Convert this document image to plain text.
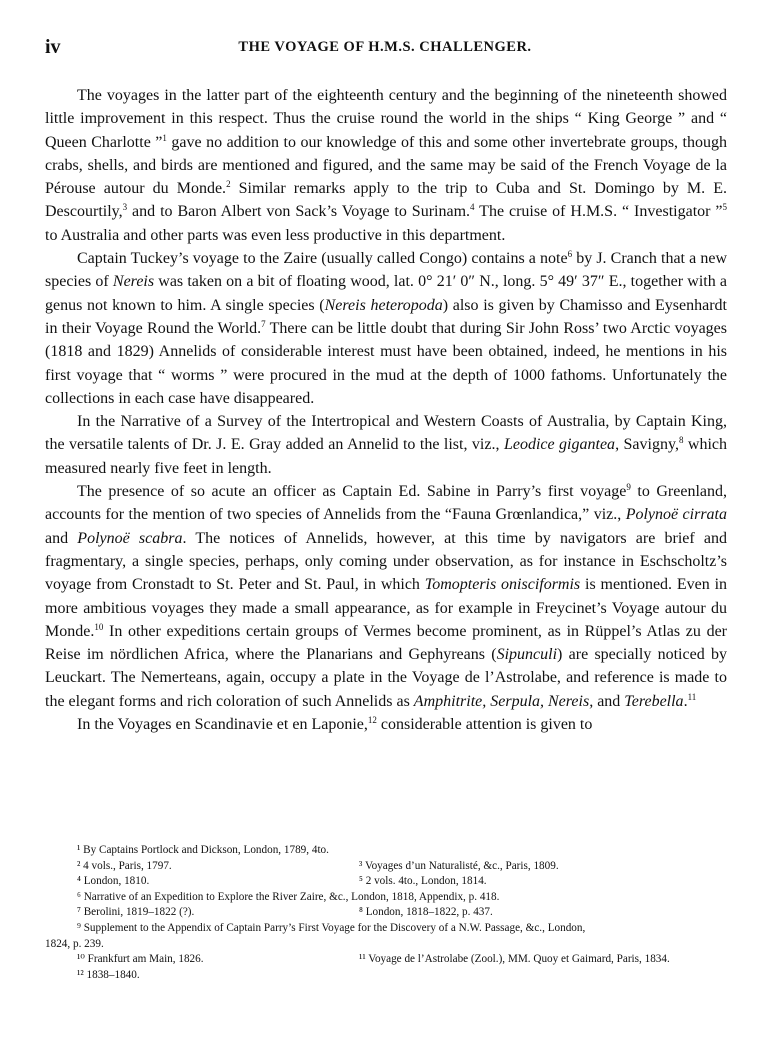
iv	THE VOYAGE OF H.M.S. CHALLENGER.

The voyages in the latter part of the eighteenth century and the beginning of the nineteenth showed little improvement in this respect. Thus the cruise round the world in the ships “ King George ” and “ Queen Charlotte ”$^1$ gave no addition to our knowledge of this and some other invertebrate groups, though crabs, shells, and birds are mentioned and figured, and the same may be said of the French Voyage de la Pérouse autour du Monde.$^2$ Similar remarks apply to the trip to Cuba and St. Domingo by M. E. Descourtily,$^3$ and to Baron Albert von Sack’s Voyage to Surinam.$^4$ The cruise of H.M.S. “ Investigator ”$^5$ to Australia and other parts was even less productive in this department.

Captain Tuckey’s voyage to the Zaire (usually called Congo) contains a note$^6$ by J. Cranch that a new species of Nereis was taken on a bit of floating wood, lat. 0° 21′ 0″ N., long. 5° 49′ 37″ E., together with a genus not known to him. A single species (Nereis heteropoda) also is given by Chamisso and Eysenhardt in their Voyage Round the World.$^7$ There can be little doubt that during Sir John Ross’ two Arctic voyages (1818 and 1829) Annelids of considerable interest must have been obtained, indeed, he mentions in his first voyage that “ worms ” were procured in the mud at the depth of 1000 fathoms. Unfortunately the collections in each case have disappeared.

In the Narrative of a Survey of the Intertropical and Western Coasts of Australia, by Captain King, the versatile talents of Dr. J. E. Gray added an Annelid to the list, viz., Leodice gigantea, Savigny,$^8$ which measured nearly five feet in length.

The presence of so acute an officer as Captain Ed. Sabine in Parry’s first voyage$^9$ to Greenland, accounts for the mention of two species of Annelids from the “Fauna Grœnlandica,” viz., Polynoë cirrata and Polynoë scabra. The notices of Annelids, however, at this time by navigators are brief and fragmentary, a single species, perhaps, only coming under observation, as for instance in Eschscholtz’s voyage from Cronstadt to St. Peter and St. Paul, in which Tomopteris onisciformis is mentioned. Even in more ambitious voyages they made a small appearance, as for example in Freycinet’s Voyage autour du Monde.$^{10}$ In other expeditions certain groups of Vermes become prominent, as in Rüppel’s Atlas zu der Reise im nördlichen Africa, where the Planarians and Gephyreans (Sipunculi) are specially noticed by Leuckart. The Nemerteans, again, occupy a plate in the Voyage de l’Astrolabe, and reference is made to the elegant forms and rich coloration of such Annelids as Amphitrite, Serpula, Nereis, and Terebella.$^{11}$

In the Voyages en Scandinavie et en Laponie,$^{12}$ considerable attention is given to

¹ By Captains Portlock and Dickson, London, 1789, 4to.
² 4 vols., Paris, 1797.	³ Voyages d’un Naturalisté, &c., Paris, 1809.
⁴ London, 1810.	⁵ 2 vols. 4to., London, 1814.
⁶ Narrative of an Expedition to Explore the River Zaire, &c., London, 1818, Appendix, p. 418.
⁷ Berolini, 1819–1822 (?).	⁸ London, 1818–1822, p. 437.
⁹ Supplement to the Appendix of Captain Parry’s First Voyage for the Discovery of a N.W. Passage, &c., London,
1824, p. 239.
¹⁰ Frankfurt am Main, 1826.	¹¹ Voyage de l’Astrolabe (Zool.), MM. Quoy et Gaimard, Paris, 1834.
¹² 1838–1840.
